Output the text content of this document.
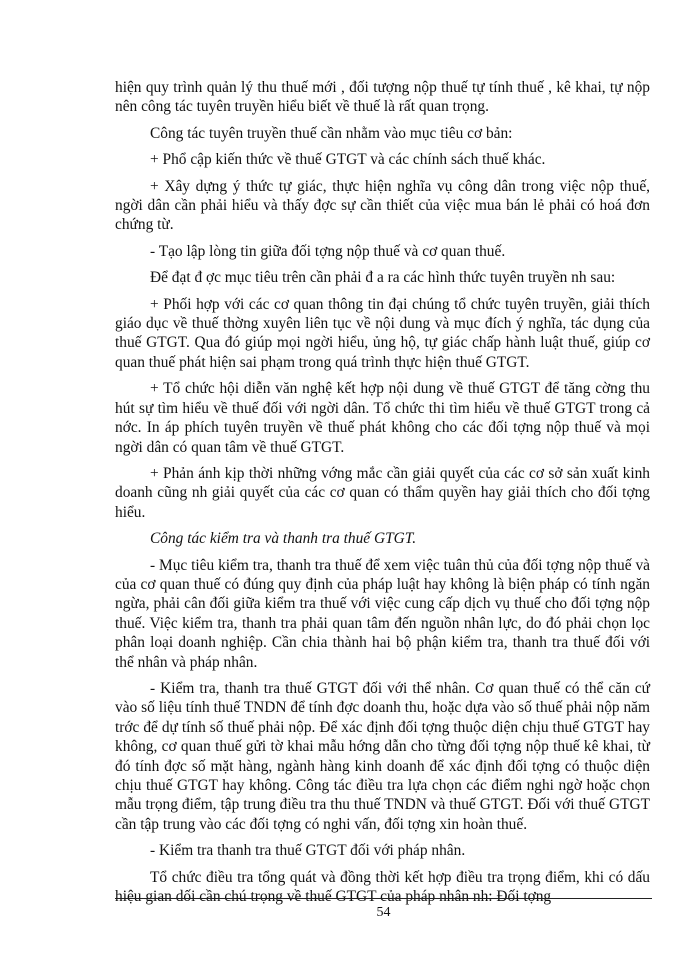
hiện quy trình quản lý thu thuế mới , đối tượng nộp thuế tự tính thuế , kê khai, tự nộp nên công tác tuyên truyền hiểu biết về thuế là rất quan trọng.

Công tác tuyên truyền thuế cần nhằm vào mục tiêu cơ bản:

+ Phổ cập kiến thức về thuế GTGT và các chính sách thuế khác.

+ Xây dựng ý thức tự giác, thực hiện nghĩa vụ công dân trong việc nộp thuế, ngời dân cần phải hiểu và thấy đợc sự cần thiết của việc mua bán lẻ phải có hoá đơn chứng từ.

- Tạo lập lòng tin giữa đối tợng nộp thuế và cơ quan thuế.

Để đạt đ ợc mục tiêu trên cần phải đ a ra các hình thức tuyên truyền nh sau:

+ Phối hợp với các cơ quan thông tin đại chúng tổ chức tuyên truyền, giải thích giáo dục về thuế thờng xuyên liên tục về nội dung và mục đích ý nghĩa, tác dụng của thuế GTGT. Qua đó giúp mọi ngời hiểu, ủng hộ, tự giác chấp hành luật thuế, giúp cơ quan thuế phát hiện sai phạm trong quá trình thực hiện thuế GTGT.

+ Tổ chức hội diễn văn nghệ kết hợp nội dung về thuế GTGT để tăng cờng thu hút sự tìm hiểu về thuế đối với ngời dân. Tổ chức thi tìm hiểu về thuế GTGT trong cả nớc. In áp phích tuyên truyền về thuế phát không cho các đối tợng nộp thuế và mọi ngời dân có quan tâm về thuế GTGT.

+ Phản ánh kịp thời những vớng mắc cần giải quyết của các cơ sở sản xuất kinh doanh cũng nh giải quyết của các cơ quan có thẩm quyền hay giải thích cho đối tợng hiểu.

Công tác kiểm tra và thanh tra thuế GTGT.

- Mục tiêu kiểm tra, thanh tra thuế để xem việc tuân thủ của đối tợng nộp thuế và của cơ quan thuế có đúng quy định của pháp luật hay không là biện pháp có tính ngăn ngừa, phải cân đối giữa kiểm tra thuế với việc cung cấp dịch vụ thuế cho đối tợng nộp thuế. Việc kiểm tra, thanh tra phải quan tâm đến nguồn nhân lực, do đó phải chọn lọc phân loại doanh nghiệp. Cần chia thành hai bộ phận kiểm tra, thanh tra thuế đối với thể nhân và pháp nhân.

- Kiểm tra, thanh tra thuế GTGT đối với thể nhân. Cơ quan thuế có thể căn cứ vào số liệu tính thuế TNDN để tính đợc doanh thu, hoặc dựa vào số thuế phải nộp năm trớc để dự tính số thuế phải nộp. Để xác định đối tợng thuộc diện chịu thuế GTGT hay không, cơ quan thuế gửi tờ khai mẫu hớng dẫn cho từng đối tợng nộp thuế kê khai, từ đó tính đợc số mặt hàng, ngành hàng kinh doanh để xác định đối tợng có thuộc diện chịu thuế GTGT hay không. Công tác điều tra lựa chọn các điểm nghi ngờ hoặc chọn mẫu trọng điểm, tập trung điều tra thu thuế TNDN và thuế GTGT. Đối với thuế GTGT cần tập trung vào các đối tợng có nghi vấn, đối tợng xin hoàn thuế.

- Kiểm tra thanh tra thuế GTGT đối với pháp nhân.

Tổ chức điều tra tổng quát và đồng thời kết hợp điều tra trọng điểm, khi có dấu hiệu gian dối cần chú trọng về thuế GTGT của pháp nhân nh: Đối tợng

54
